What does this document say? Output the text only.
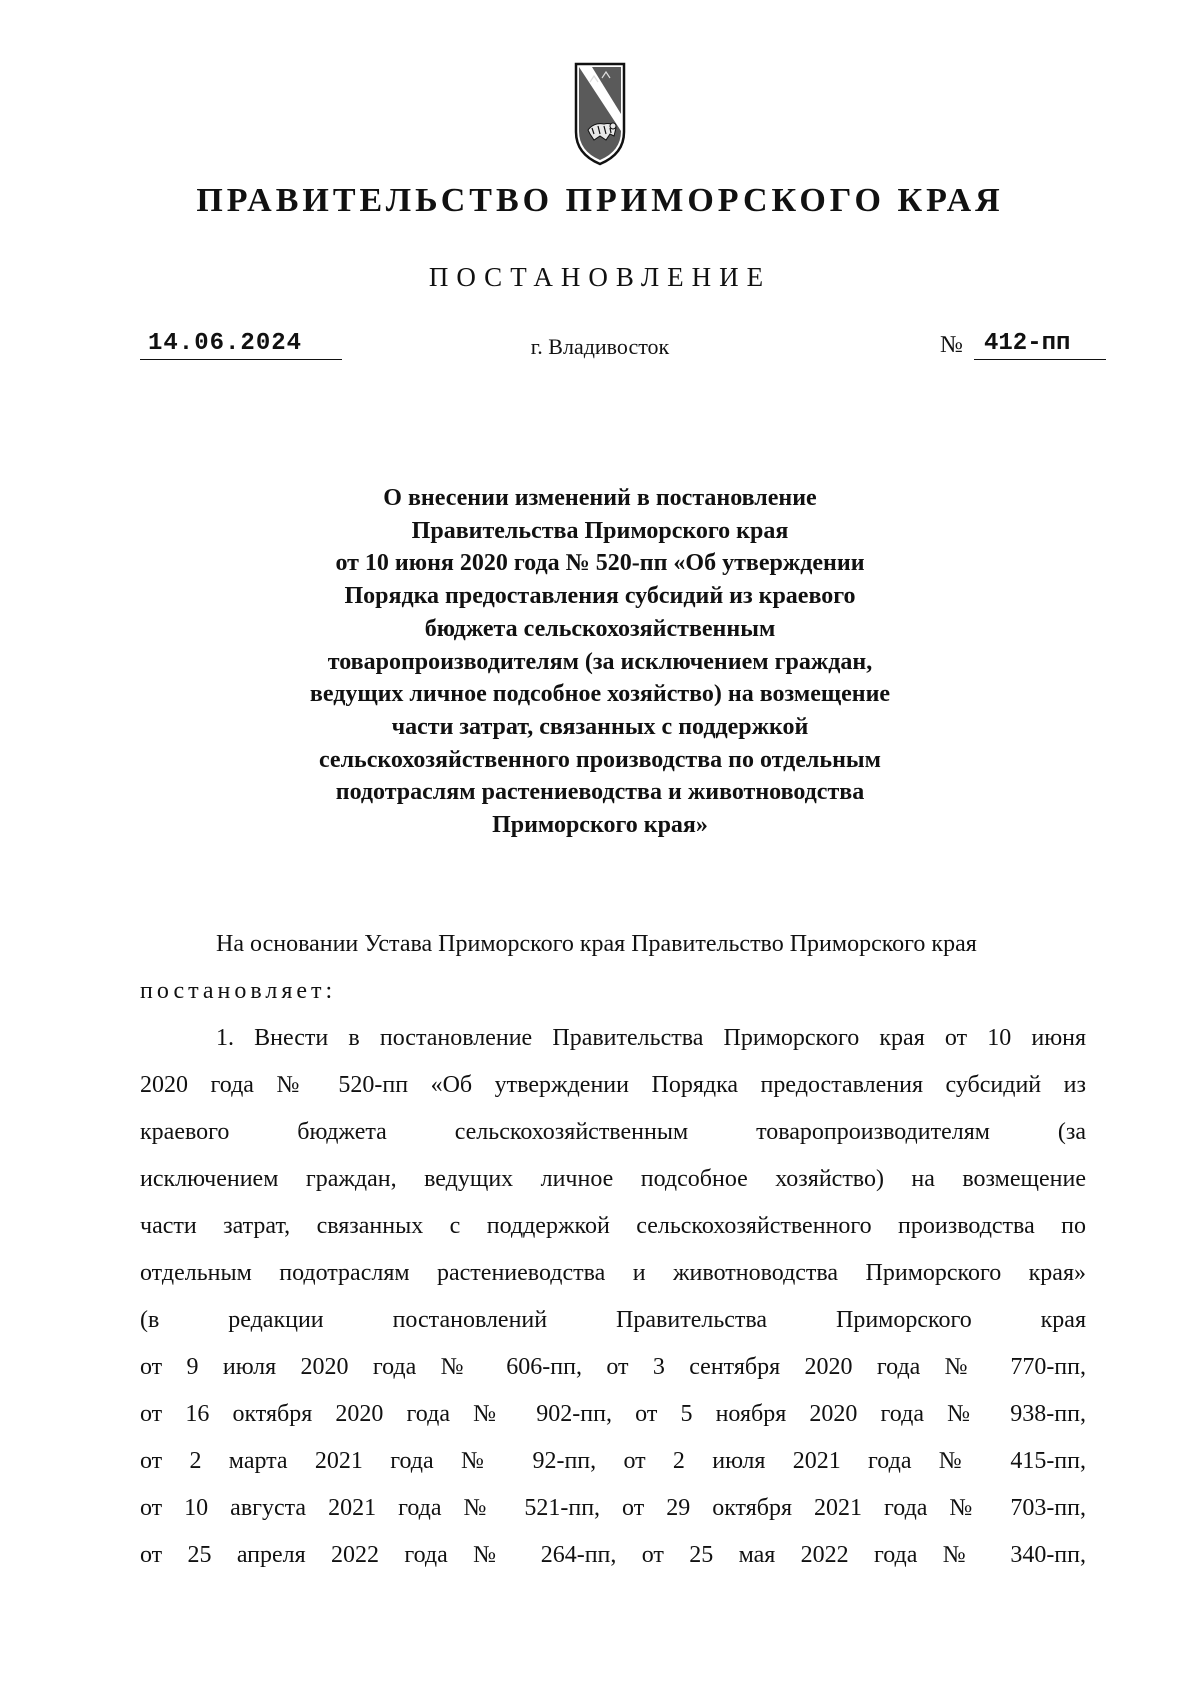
ПРАВИТЕЛЬСТВО ПРИМОРСКОГО КРАЯ
ПОСТАНОВЛЕНИЕ
14.06.2024	г. Владивосток	№ 412-пп
О внесении изменений в постановление
Правительства Приморского края
от 10 июня 2020 года № 520-пп «Об утверждении
Порядка предоставления субсидий из краевого
бюджета сельскохозяйственным
товаропроизводителям (за исключением граждан,
ведущих личное подсобное хозяйство) на возмещение
части затрат, связанных с поддержкой
сельскохозяйственного производства по отдельным
подотраслям растениеводства и животноводства
Приморского края»
На основании Устава Приморского края Правительство Приморского края
постановляет:
1. Внести в постановление Правительства Приморского края от 10 июня
2020 года № 520-пп «Об утверждении Порядка предоставления субсидий из
краевого бюджета сельскохозяйственным товаропроизводителям (за
исключением граждан, ведущих личное подсобное хозяйство) на возмещение
части затрат, связанных с поддержкой сельскохозяйственного производства по
отдельным подотраслям растениеводства и животноводства Приморского края»
(в редакции постановлений Правительства Приморского края
от 9 июля 2020 года № 606-пп, от 3 сентября 2020 года № 770-пп,
от 16 октября 2020 года № 902-пп, от 5 ноября 2020 года № 938-пп,
от 2 марта 2021 года № 92-пп, от 2 июля 2021 года № 415-пп,
от 10 августа 2021 года № 521-пп, от 29 октября 2021 года № 703-пп,
от 25 апреля 2022 года № 264-пп, от 25 мая 2022 года № 340-пп,
